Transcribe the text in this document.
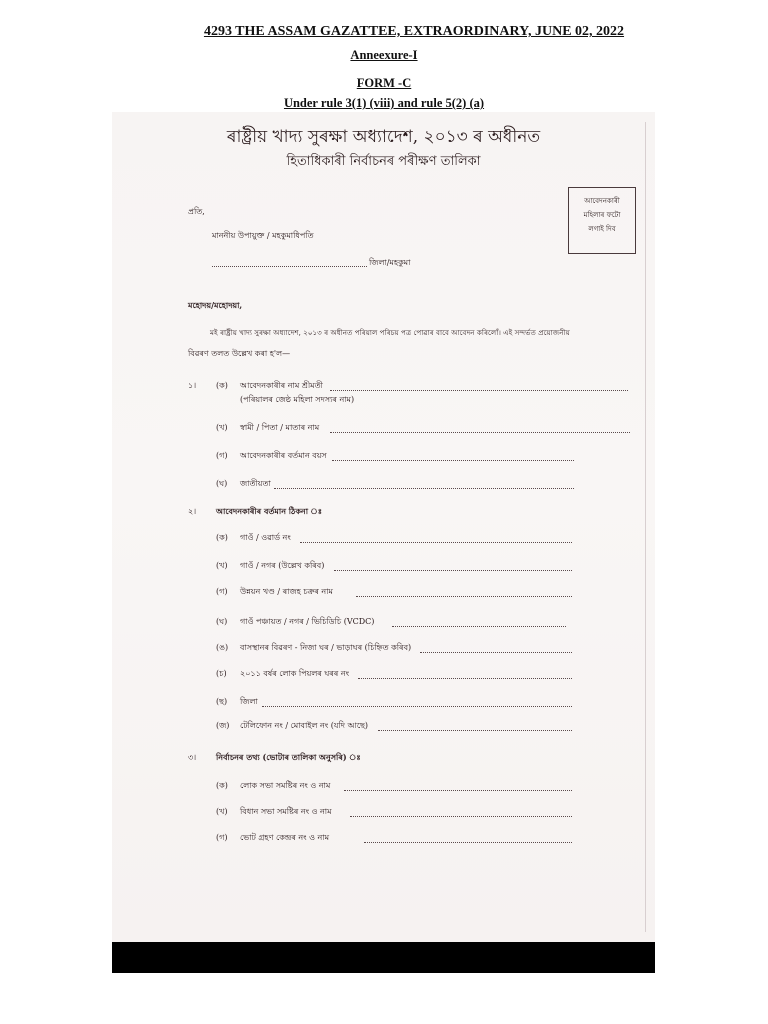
4293 THE ASSAM GAZATTEE, EXTRAORDINARY, JUNE 02, 2022
Anneexure-I
FORM -C
Under rule 3(1) (viii) and rule 5(2) (a)
ৰাষ্ট্ৰীয় খাদ্য সুৰক্ষা অধ্যাদেশ, ২০১৩ ৰ অধীনত
হিতাধিকাৰী নিৰ্বাচনৰ পৰীক্ষণ তালিকা
আবেদনকাৰী
মহিলাৰ ফটো
লগাই দিব
প্ৰতি,
মাননীয় উপায়ুক্ত / মহকুমাধিপতি
জিলা/মহকুমা
মহোদয়/মহোদয়া,
মই ৰাষ্ট্ৰীয় খাদ্য সুৰক্ষা অধ্যাদেশ, ২০১৩ ৰ অধীনত পৰিয়াল পৰিচয় পত্ৰ পোৱাৰ বাবে আবেদন কৰিলোঁ। এই সন্দৰ্ভত প্ৰয়োজনীয়
বিৱৰণ তলত উল্লেখ কৰা হ'ল—
১। (ক) আবেদনকাৰীৰ নাম শ্ৰীমতী
(পৰিয়ালৰ জেষ্ঠ মহিলা সদস্যৰ নাম)
(খ) স্বামী / পিতা / মাতাৰ নাম
(গ) আবেদনকাৰীৰ বৰ্তমান বয়স
(ঘ) জাতীয়তা
২। আবেদনকাৰীৰ বৰ্তমান ঠিকনা ঃ
(ক) গাওঁ / ওৱাৰ্ড নং
(খ) গাওঁ / নগৰ (উল্লেখ কৰিব)
(গ) উন্নয়ন খণ্ড / ৰাজহ চক্ৰৰ নাম
(ঘ) গাওঁ পঞ্চায়ত / নগৰ / ভিচিডিচি (VCDC)
(ঙ) বাসস্থানৰ বিৱৰণ - নিজা ঘৰ / ভাড়াঘৰ (চিহ্নিত কৰিব)
(চ) ২০১১ বৰ্ষৰ লোক পিয়লৰ ঘৰৰ নং
(ছ) জিলা
(জ) টেলিফোন নং / মোবাইল নং (যদি আছে)
৩। নিৰ্বাচনৰ তথ্য (ভোটাৰ তালিকা অনুসৰি) ঃ
(ক) লোক সভা সমষ্টিৰ নং ও নাম
(খ) বিধান সভা সমষ্টিৰ নং ও নাম
(গ) ভোট গ্ৰহণ কেন্দ্ৰৰ নং ও নাম
